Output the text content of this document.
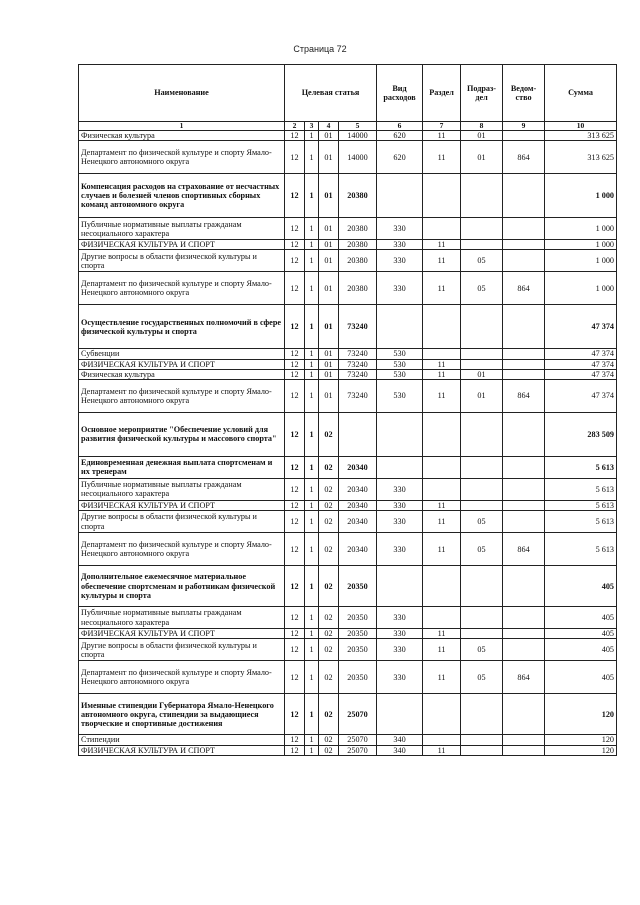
Страница 72
Наименование	Целевая статья				Вид расходов	Раздел	Подраз-дел	Ведом-ство	Сумма
1	2	3	4	5	6	7	8	9	10
Физическая культура	12	1	01	14000	620	11	01		313 625
Департамент по физической культуре и спорту Ямало-Ненецкого автономного округа	12	1	01	14000	620	11	01	864	313 625
Компенсация расходов на страхование от несчастных случаев и болезней членов спортивных сборных команд автономного округа	12	1	01	20380					1 000
Публичные нормативные выплаты гражданам несоциального характера	12	1	01	20380	330				1 000
ФИЗИЧЕСКАЯ КУЛЬТУРА И СПОРТ	12	1	01	20380	330	11			1 000
Другие вопросы в области физической культуры и спорта	12	1	01	20380	330	11	05		1 000
Департамент по физической культуре и спорту Ямало-Ненецкого автономного округа	12	1	01	20380	330	11	05	864	1 000
Осуществление государственных полномочий в сфере физической культуры и спорта	12	1	01	73240					47 374
Субвенции	12	1	01	73240	530				47 374
ФИЗИЧЕСКАЯ КУЛЬТУРА И СПОРТ	12	1	01	73240	530	11			47 374
Физическая культура	12	1	01	73240	530	11	01		47 374
Департамент по физической культуре и спорту Ямало-Ненецкого автономного округа	12	1	01	73240	530	11	01	864	47 374
Основное мероприятие "Обеспечение условий для развития физической культуры и массового спорта"	12	1	02						283 509
Единовременная денежная выплата спортсменам и их тренерам	12	1	02	20340					5 613
Публичные нормативные выплаты гражданам несоциального характера	12	1	02	20340	330				5 613
ФИЗИЧЕСКАЯ КУЛЬТУРА И СПОРТ	12	1	02	20340	330	11			5 613
Другие вопросы в области физической культуры и спорта	12	1	02	20340	330	11	05		5 613
Департамент по физической культуре и спорту Ямало-Ненецкого автономного округа	12	1	02	20340	330	11	05	864	5 613
Дополнительное ежемесячное материальное обеспечение спортсменам и работникам физической культуры и спорта	12	1	02	20350					405
Публичные нормативные выплаты гражданам несоциального характера	12	1	02	20350	330				405
ФИЗИЧЕСКАЯ КУЛЬТУРА И СПОРТ	12	1	02	20350	330	11			405
Другие вопросы в области физической культуры и спорта	12	1	02	20350	330	11	05		405
Департамент по физической культуре и спорту Ямало-Ненецкого автономного округа	12	1	02	20350	330	11	05	864	405
Именные стипендии Губернатора Ямало-Ненецкого автономного округа, стипендии за выдающиеся творческие и спортивные достижения	12	1	02	25070					120
Стипендии	12	1	02	25070	340				120
ФИЗИЧЕСКАЯ КУЛЬТУРА И СПОРТ	12	1	02	25070	340	11			120
